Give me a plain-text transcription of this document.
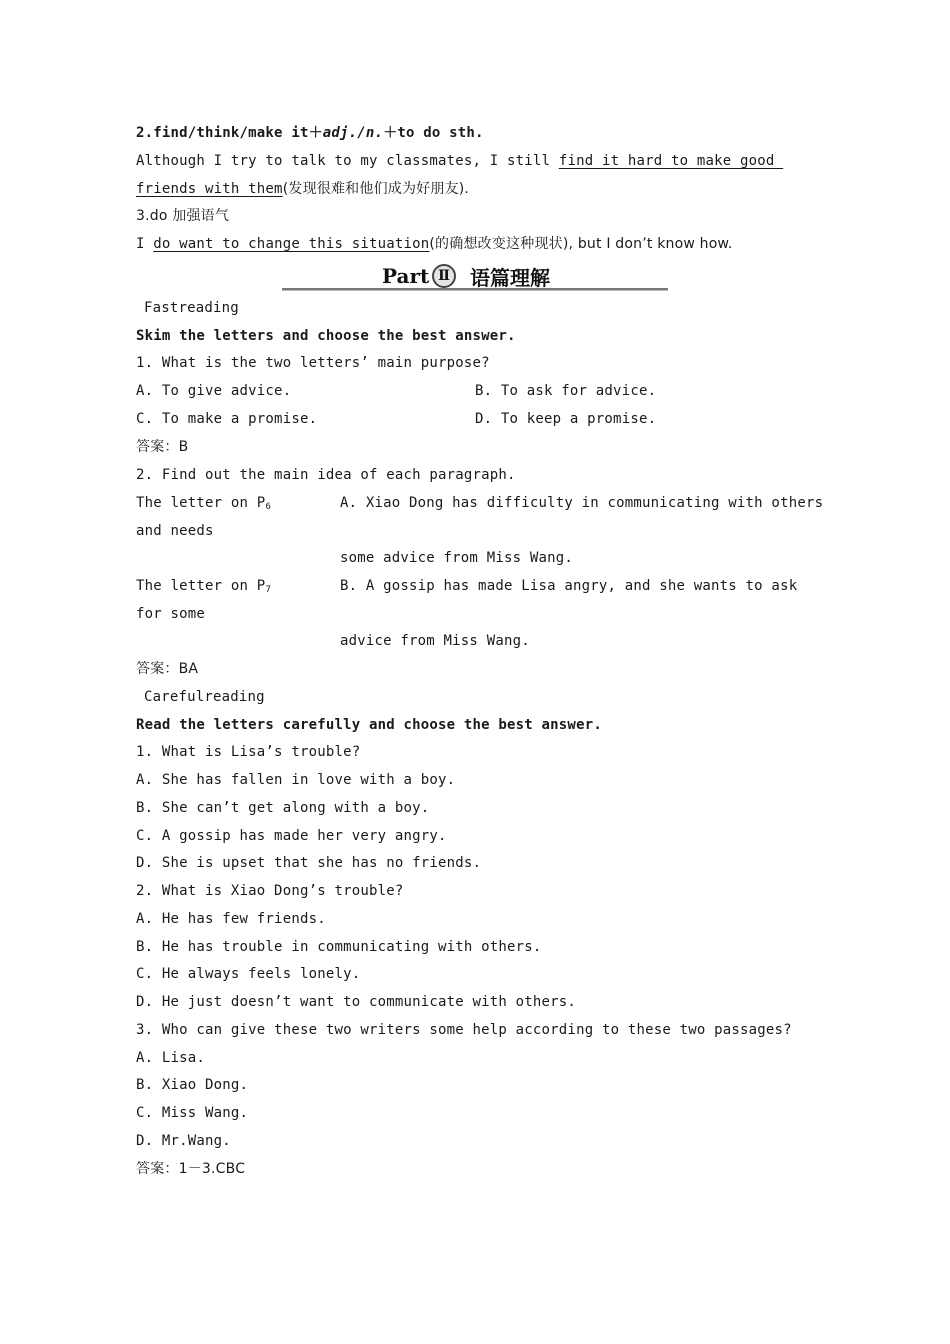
2.find/think/make it＋adj./n.＋to do sth.
Although I try to talk to my classmates, I still find it hard to make good
friends with them(发现很难和他们成为好朋友).
3.do 加强语气
I do want to change this situation(的确想改变这种现状), but I don’t know how.
Part Ⅱ	语篇理解
Fastreading
Skim the letters and choose the best answer.
1. What is the two letters’ main purpose?
A. To give advice.	B. To ask for advice.
C. To make a promise.	D. To keep a promise.
答案：B
2. Find out the main idea of each paragraph.
The letter on $P_6$	A. Xiao Dong has difficulty in communicating with others
and needs
some advice from Miss Wang.
The letter on $P_7$	B. A gossip has made Lisa angry, and she wants to ask
for some
advice from Miss Wang.
答案：BA
Carefulreading
Read the letters carefully and choose the best answer.
1. What is Lisa’s trouble?
A. She has fallen in love with a boy.
B. She can’t get along with a boy.
C. A gossip has made her very angry.
D. She is upset that she has no friends.
2. What is Xiao Dong’s trouble?
A. He has few friends.
B. He has trouble in communicating with others.
C. He always feels lonely.
D. He just doesn’t want to communicate with others.
3. Who can give these two writers some help according to these two passages?
A. Lisa.
B. Xiao Dong.
C. Miss Wang.
D. Mr.Wang.
答案：1－3.CBC
